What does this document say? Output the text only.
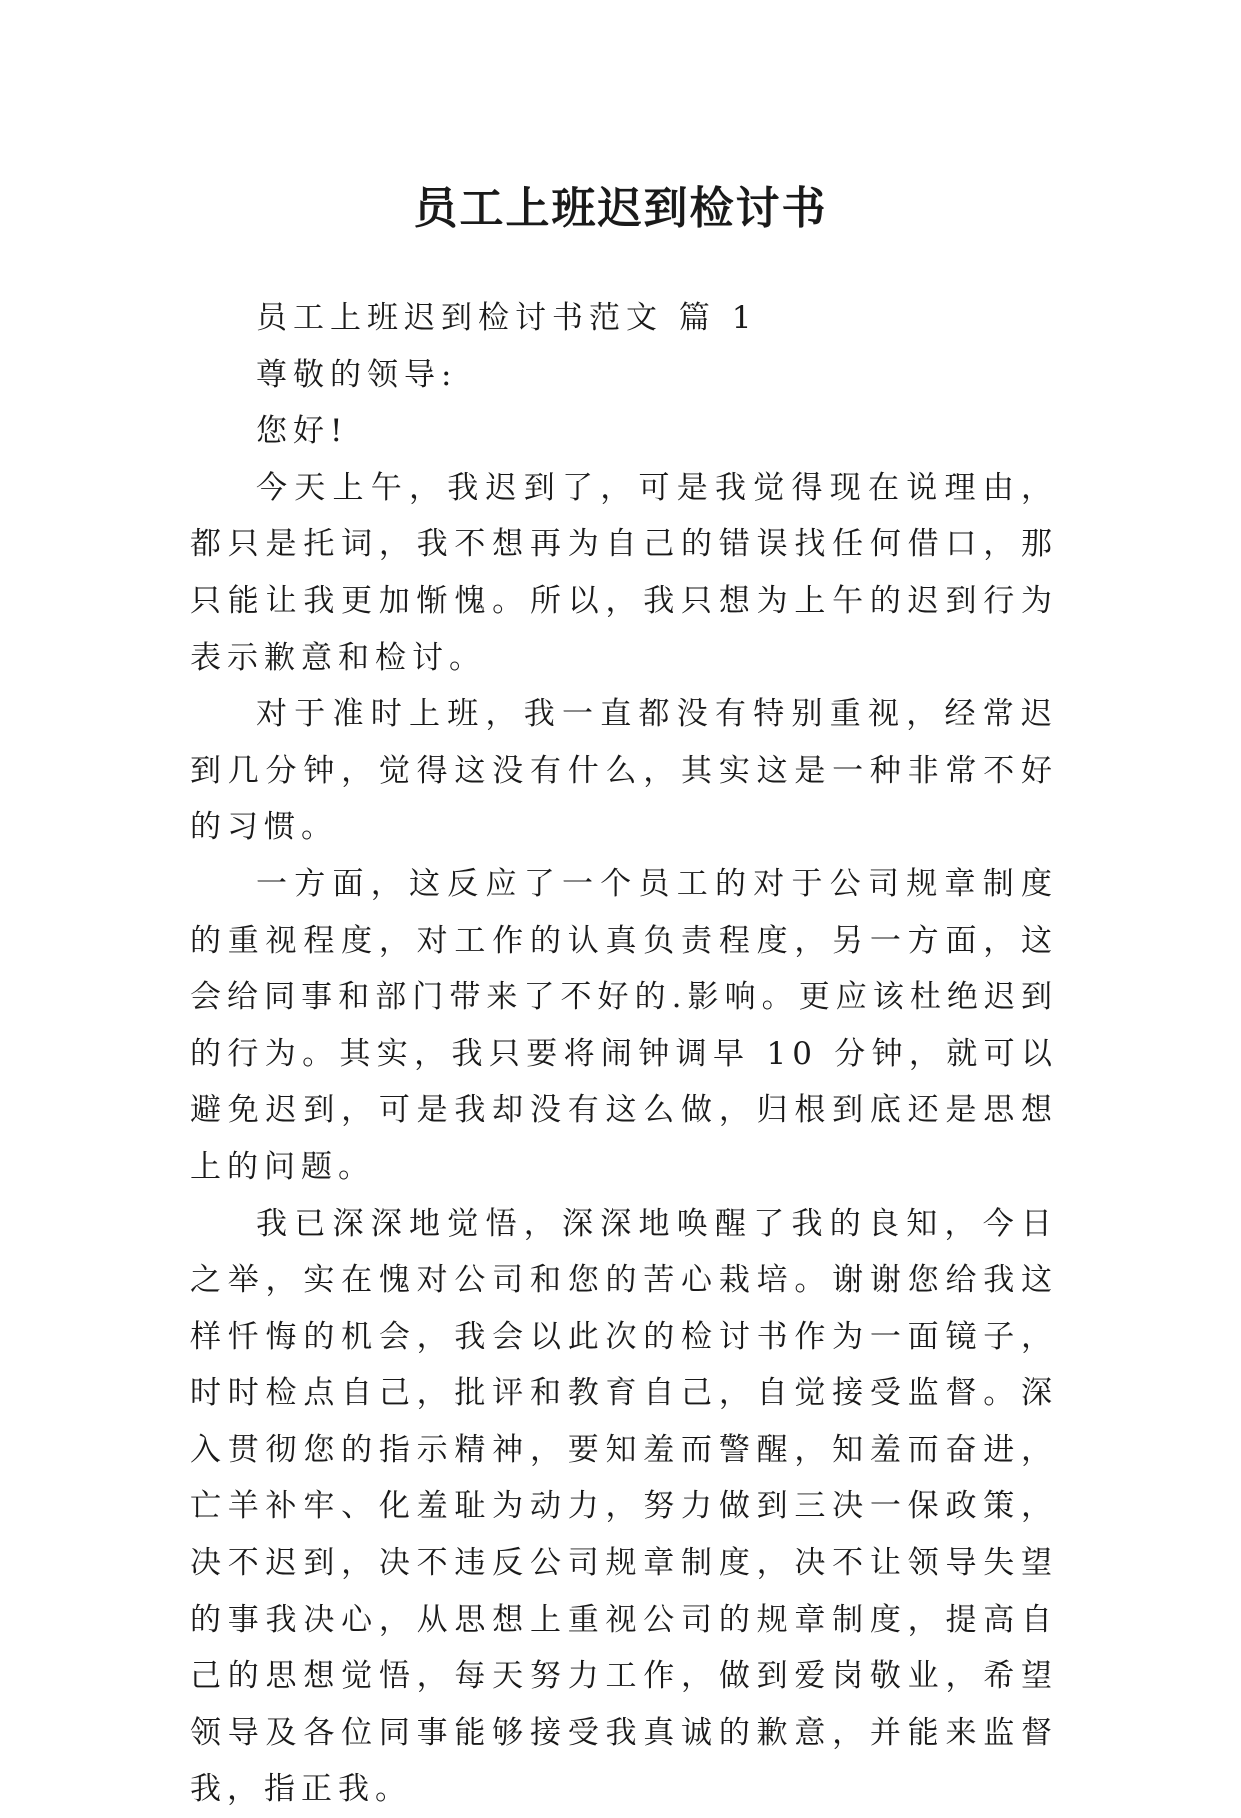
员工上班迟到检讨书

员工上班迟到检讨书范文 篇 1

尊敬的领导:

您好!

今天上午，我迟到了，可是我觉得现在说理由，都只是托词，我不想再为自己的错误找任何借口，那只能让我更加惭愧。所以，我只想为上午的迟到行为表示歉意和检讨。

对于准时上班，我一直都没有特别重视，经常迟到几分钟，觉得这没有什么，其实这是一种非常不好的习惯。

一方面，这反应了一个员工的对于公司规章制度的重视程度，对工作的认真负责程度，另一方面，这会给同事和部门带来了不好的.影响。更应该杜绝迟到的行为。其实，我只要将闹钟调早 10 分钟，就可以避免迟到，可是我却没有这么做，归根到底还是思想上的问题。

我已深深地觉悟，深深地唤醒了我的良知，今日之举，实在愧对公司和您的苦心栽培。谢谢您给我这样忏悔的机会，我会以此次的检讨书作为一面镜子，时时检点自己，批评和教育自己，自觉接受监督。深入贯彻您的指示精神，要知羞而警醒，知羞而奋进，亡羊补牢、化羞耻为动力，努力做到三决一保政策，决不迟到，决不违反公司规章制度，决不让领导失望的事我决心，从思想上重视公司的规章制度，提高自己的思想觉悟，每天努力工作，做到爱岗敬业，希望领导及各位同事能够接受我真诚的歉意，并能来监督我，指正我。
